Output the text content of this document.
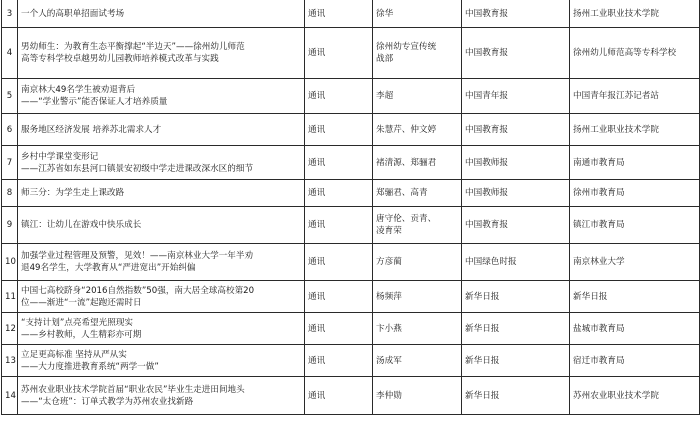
3	一个人的高职单招面试考场	通讯	徐华	中国教育报	扬州工业职业技术学院
4	男幼师生：为教育生态平衡撑起“半边天”——徐州幼儿师范
高等专科学校卓越男幼儿园教师培养模式改革与实践	通讯	徐州幼专宣传统
战部	中国教育报	徐州幼儿师范高等专科学校
5	南京林大49名学生被劝退背后
——“学业警示”能否保证人才培养质量	通讯	李超	中国青年报	中国青年报江苏记者站
6	服务地区经济发展 培养苏北需求人才	通讯	朱慧芹、仲文婷	中国教育报	扬州工业职业技术学院
7	乡村中学课堂变形记
——江苏省如东县河口镇景安初级中学走进课改深水区的细节	通讯	褚清源、郑骊君	中国教师报	南通市教育局
8	师三分：为学生走上课改路	通讯	郑骊君、高青	中国教师报	徐州市教育局
9	镇江：让幼儿在游戏中快乐成长	通讯	唐守伦、贡青、
凌育荣	中国教育报	镇江市教育局
10	加强学业过程管理及预警，见效！——南京林业大学一年半劝
退49名学生，大学教育从“严进宽出”开始纠偏	通讯	方彦蔺	中国绿色时报	南京林业大学
11	中国七高校跻身“2016自然指数”50强，南大居全球高校第20
位——渐进“一流”起跑还需时日	通讯	杨频萍	新华日报	新华日报
12	“支持计划”点亮希望光照现实
——乡村教师，人生精彩亦可期	通讯	卞小燕	新华日报	盐城市教育局
13	立足更高标准 坚持从严从实
——大力度推进教育系统“两学一做”	通讯	汤成军	新华日报	宿迁市教育局
14	苏州农业职业技术学院首届“职业农民”毕业生走进田间地头
——“太仓班”：订单式教学为苏州农业找新路	通讯	李仲勋	新华日报	苏州农业职业技术学院
